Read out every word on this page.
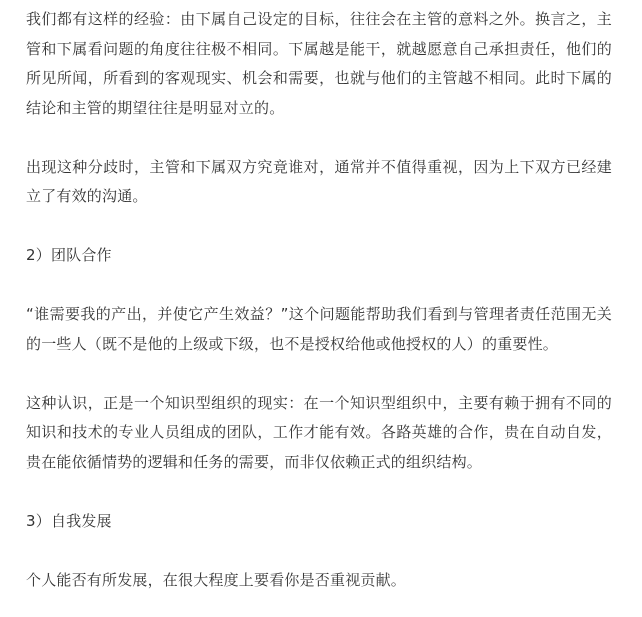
我们都有这样的经验：由下属自己设定的目标，往往会在主管的意料之外。换言之，主管和下属看问题的角度往往极不相同。下属越是能干，就越愿意自己承担责任，他们的所见所闻，所看到的客观现实、机会和需要，也就与他们的主管越不相同。此时下属的结论和主管的期望往往是明显对立的。

出现这种分歧时，主管和下属双方究竟谁对，通常并不值得重视，因为上下双方已经建立了有效的沟通。

2）团队合作

“谁需要我的产出，并使它产生效益？”这个问题能帮助我们看到与管理者责任范围无关的一些人（既不是他的上级或下级，也不是授权给他或他授权的人）的重要性。

这种认识，正是一个知识型组织的现实：在一个知识型组织中，主要有赖于拥有不同的知识和技术的专业人员组成的团队，工作才能有效。各路英雄的合作，贵在自动自发，贵在能依循情势的逻辑和任务的需要，而非仅依赖正式的组织结构。

3）自我发展

个人能否有所发展，在很大程度上要看你是否重视贡献。
